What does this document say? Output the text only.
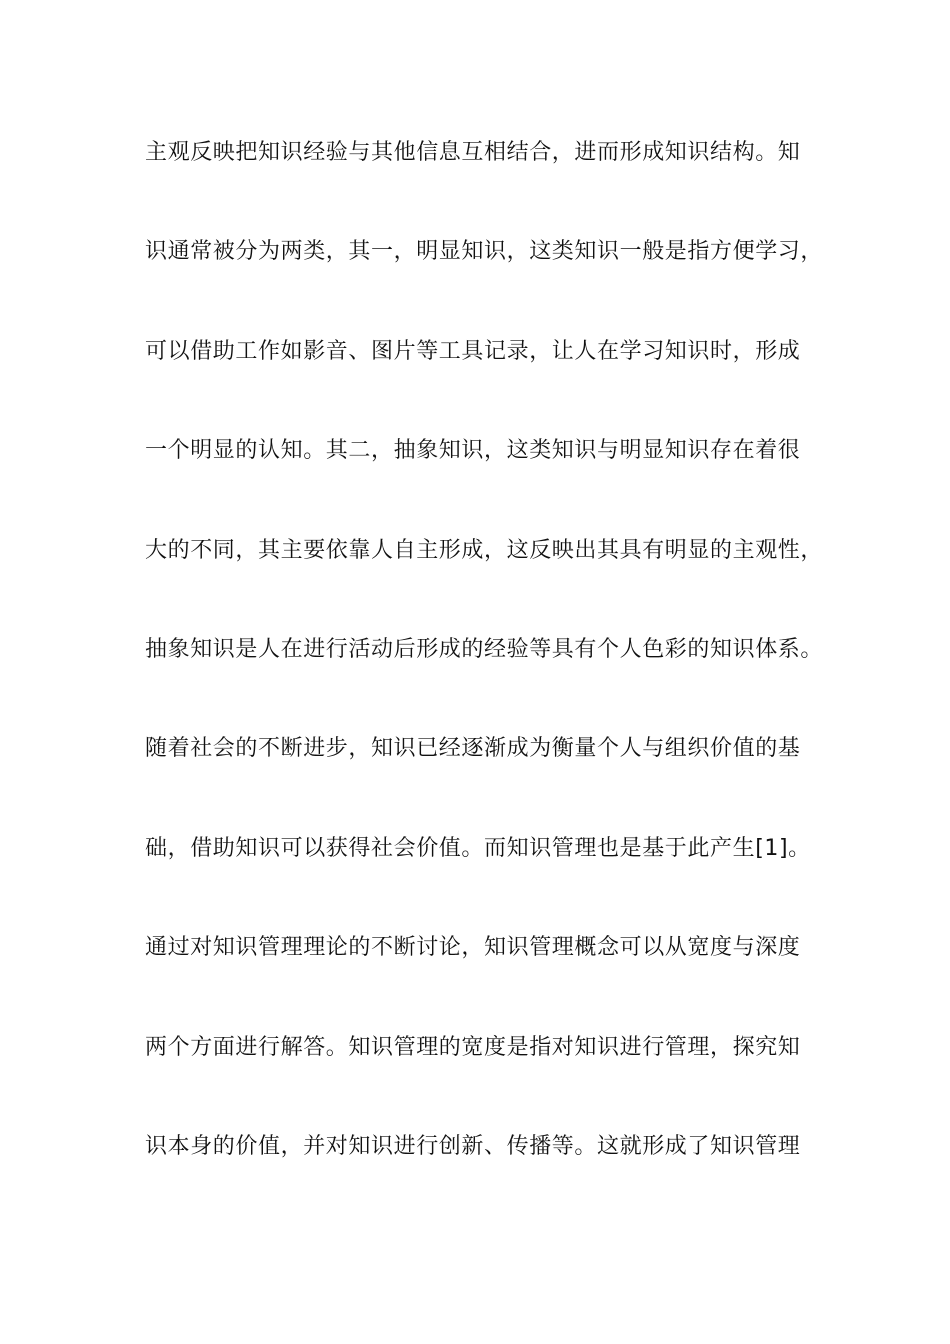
主观反映把知识经验与其他信息互相结合，进而形成知识结构。知
识通常被分为两类，其一，明显知识，这类知识一般是指方便学习，
可以借助工作如影音、图片等工具记录，让人在学习知识时，形成
一个明显的认知。其二，抽象知识，这类知识与明显知识存在着很
大的不同，其主要依靠人自主形成，这反映出其具有明显的主观性，
抽象知识是人在进行活动后形成的经验等具有个人色彩的知识体系。
随着社会的不断进步，知识已经逐渐成为衡量个人与组织价值的基
础，借助知识可以获得社会价值。而知识管理也是基于此产生[1]。
通过对知识管理理论的不断讨论，知识管理概念可以从宽度与深度
两个方面进行解答。知识管理的宽度是指对知识进行管理，探究知
识本身的价值，并对知识进行创新、传播等。这就形成了知识管理
